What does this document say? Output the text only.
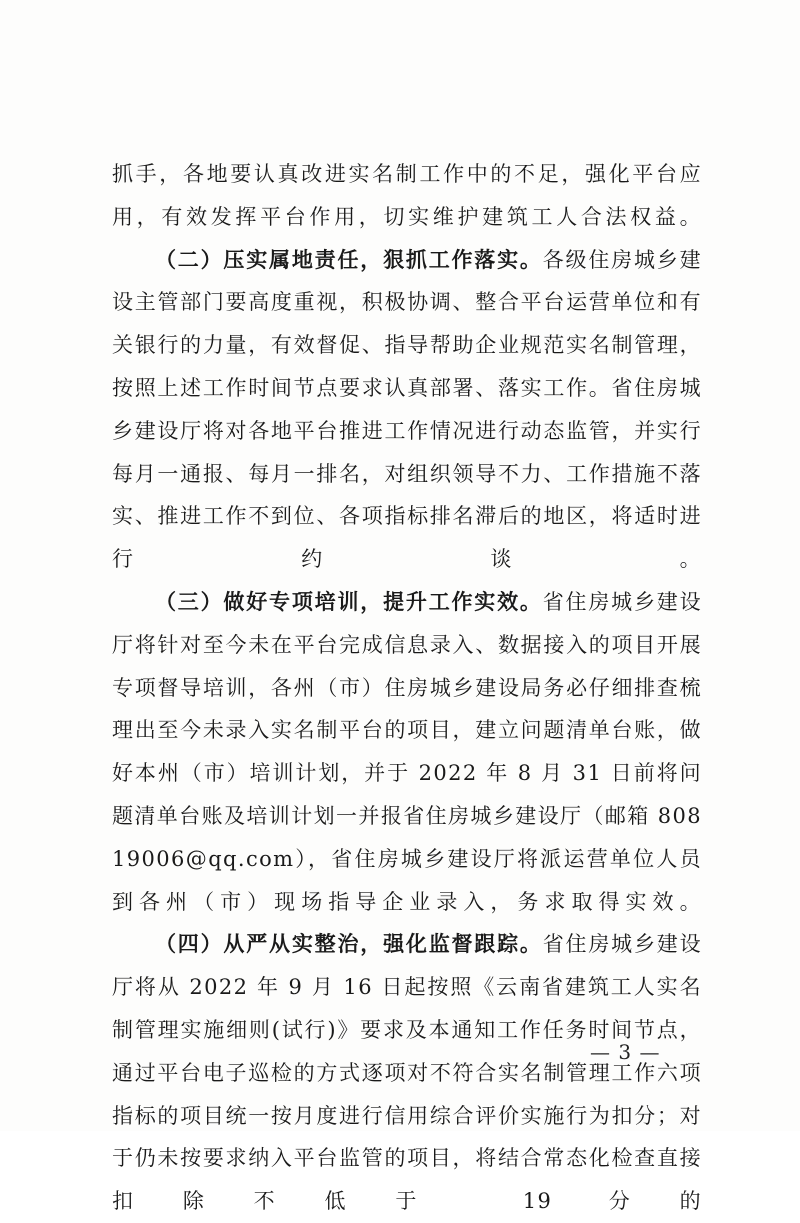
抓手，各地要认真改进实名制工作中的不足，强化平台应用，有效发挥平台作用，切实维护建筑工人合法权益。

（二）压实属地责任，狠抓工作落实。各级住房城乡建设主管部门要高度重视，积极协调、整合平台运营单位和有关银行的力量，有效督促、指导帮助企业规范实名制管理，按照上述工作时间节点要求认真部署、落实工作。省住房城乡建设厅将对各地平台推进工作情况进行动态监管，并实行每月一通报、每月一排名，对组织领导不力、工作措施不落实、推进工作不到位、各项指标排名滞后的地区，将适时进行约谈。

（三）做好专项培训，提升工作实效。省住房城乡建设厅将针对至今未在平台完成信息录入、数据接入的项目开展专项督导培训，各州（市）住房城乡建设局务必仔细排查梳理出至今未录入实名制平台的项目，建立问题清单台账，做好本州（市）培训计划，并于 2022 年 8 月 31 日前将问题清单台账及培训计划一并报省住房城乡建设厅（邮箱 80819006@qq.com），省住房城乡建设厅将派运营单位人员到各州（市）现场指导企业录入，务求取得实效。

（四）从严从实整治，强化监督跟踪。省住房城乡建设厅将从 2022 年 9 月 16 日起按照《云南省建筑工人实名制管理实施细则(试行)》要求及本通知工作任务时间节点，通过平台电子巡检的方式逐项对不符合实名制管理工作六项指标的项目统一按月度进行信用综合评价实施行为扣分；对于仍未按要求纳入平台监管的项目，将结合常态化检查直接扣除不低于 19 分的

— 3 —
